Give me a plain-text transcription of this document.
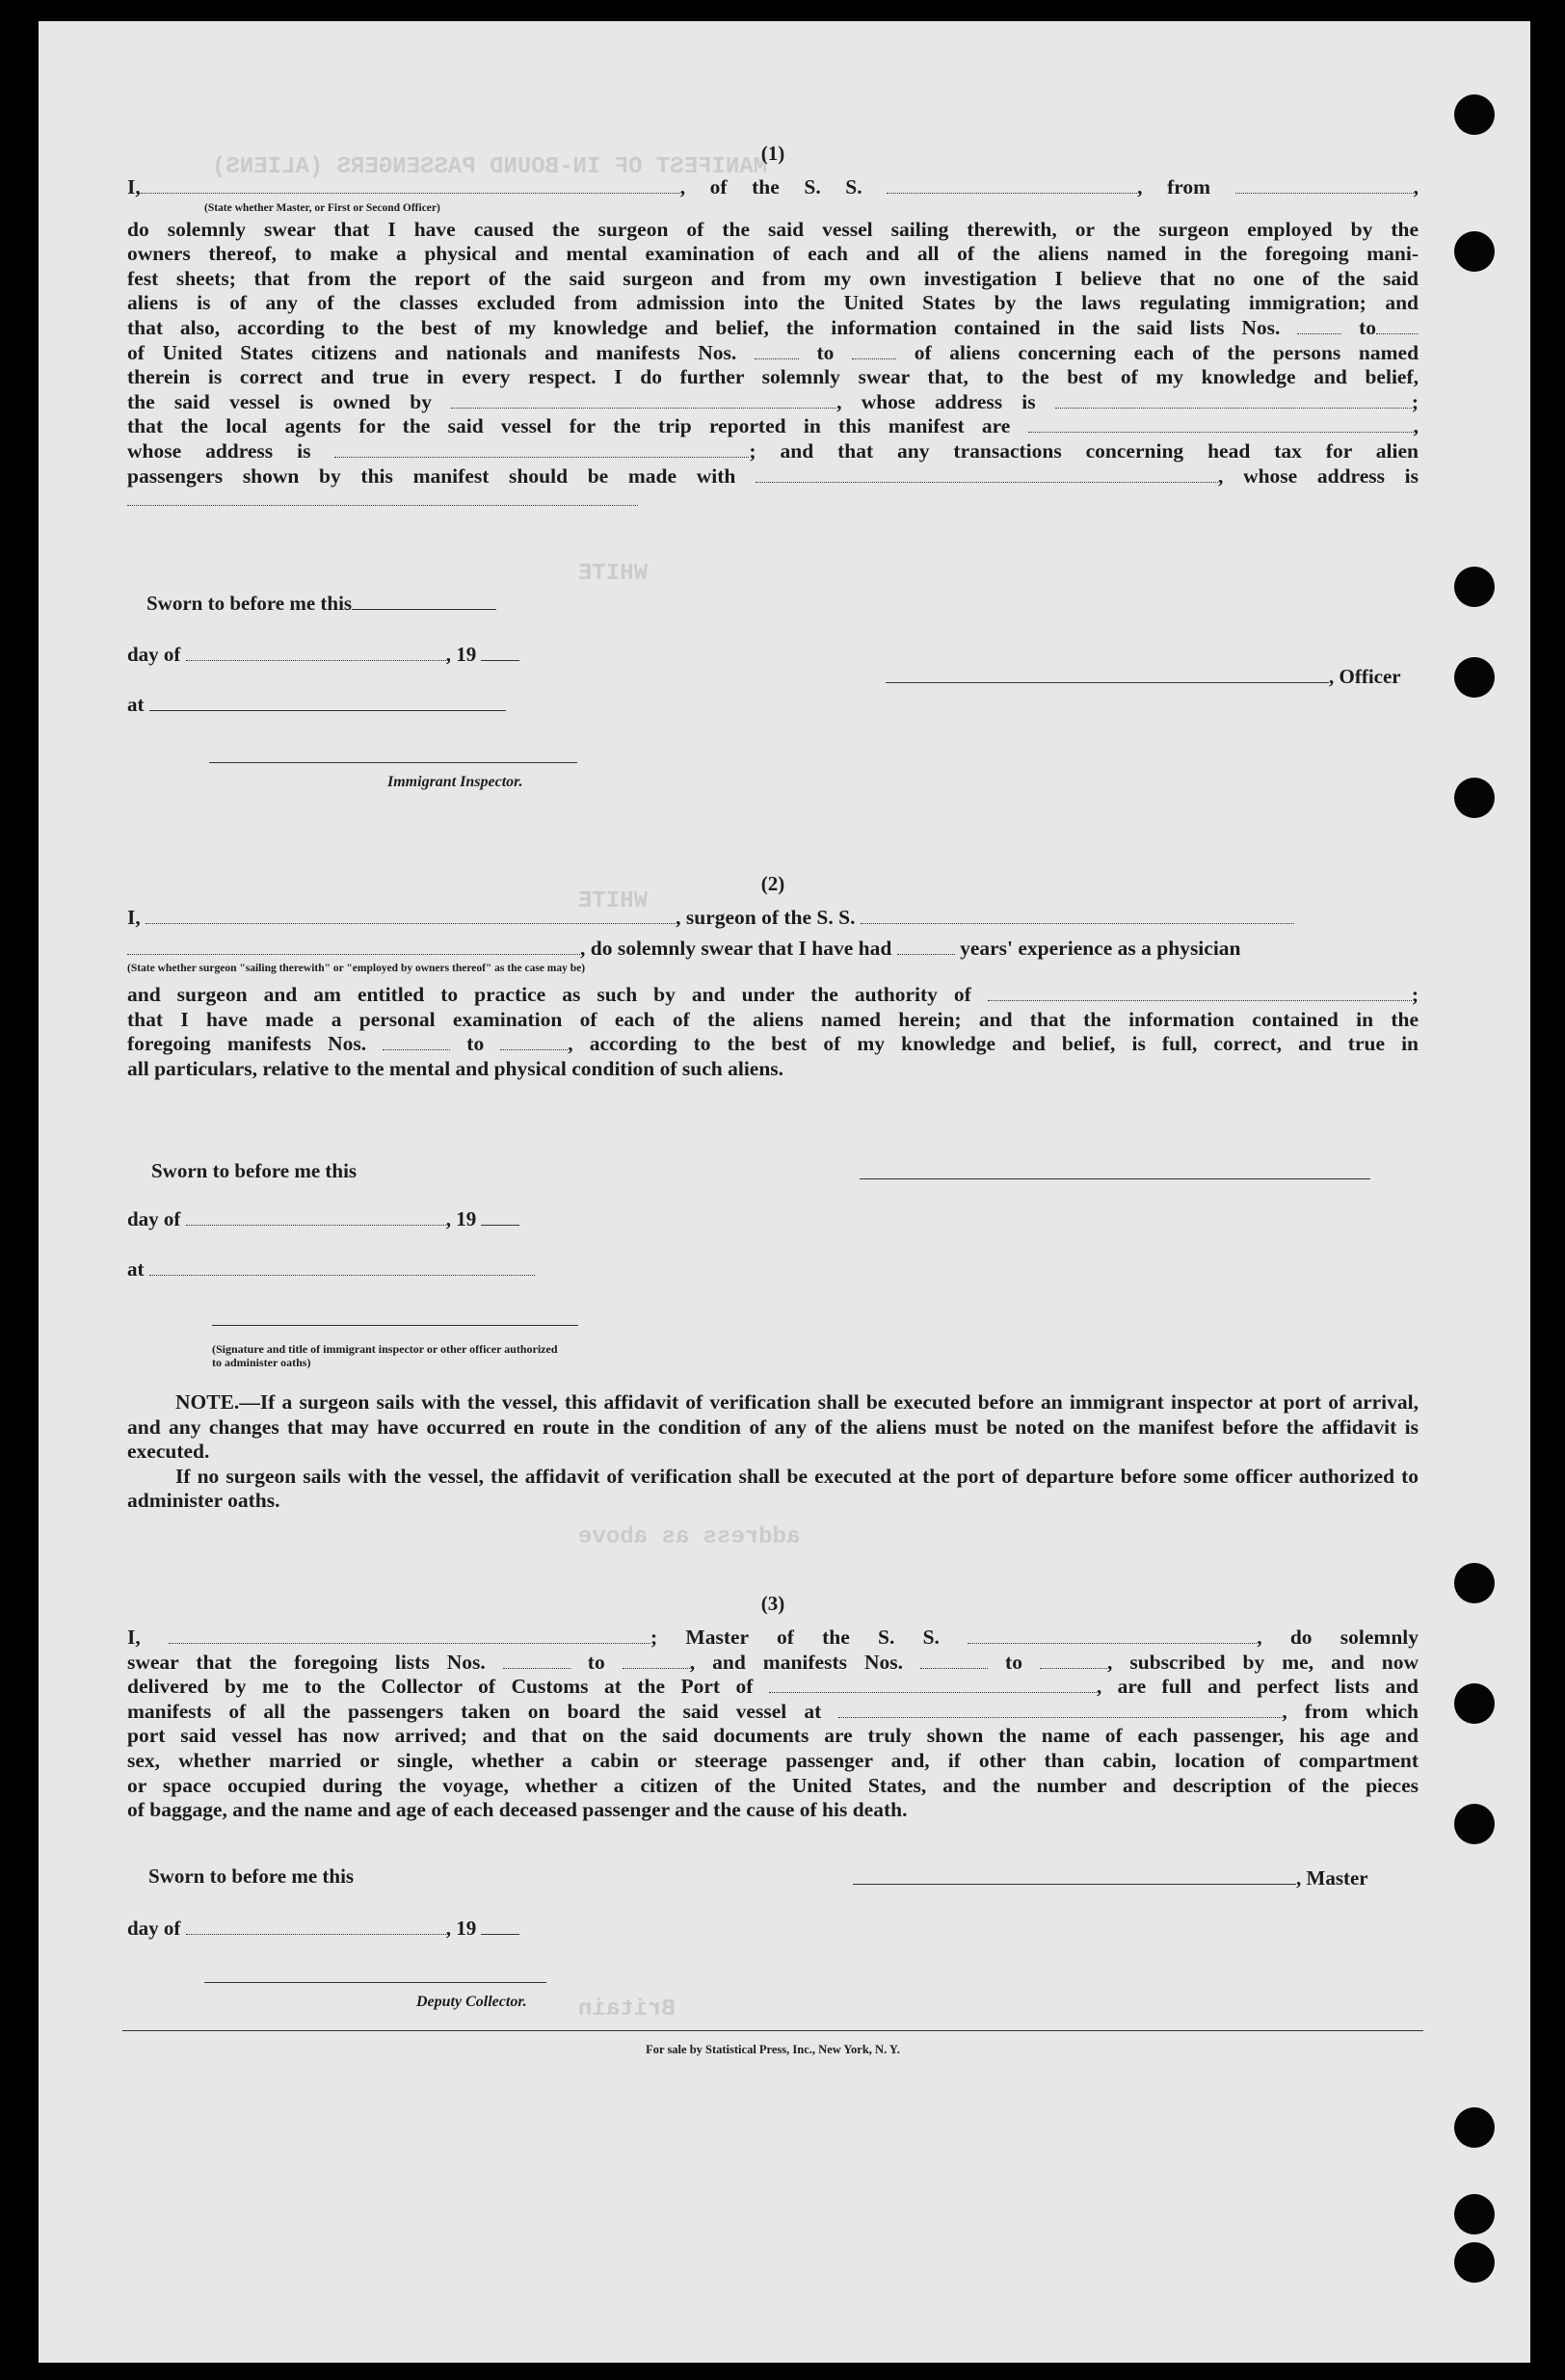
MANIFEST OF IN-BOUND PASSENGERS (ALIENS)
WHITE
WHITE
address as above
Britain
(1)

I,	, of the S. S.	, from	,

(State whether Master, or First or Second Officer)

do solemnly swear that I have caused the surgeon of the said vessel sailing therewith, or the surgeon employed by the

owners thereof, to make a physical and mental examination of each and all of the aliens named in the foregoing mani-

fest sheets; that from the report of the said surgeon and from my own investigation I believe that no one of the said

aliens is of any of the classes excluded from admission into the United States by the laws regulating immigration; and

that also, according to the best of my knowledge and belief, the information contained in the said lists Nos.	to

of United States citizens and nationals and manifests Nos.	to	of aliens concerning each of the persons named

therein is correct and true in every respect. I do further solemnly swear that, to the best of my knowledge and belief,

the said vessel is owned by	, whose address is	;

that the local agents for the said vessel for the trip reported in this manifest are	,

whose address is	; and that any transactions concerning head tax for alien

passengers shown by this manifest should be made with	, whose address is

Sworn to before me this
day of	, 19
at
, Officer
Immigrant Inspector.
(2)

I,	, surgeon of the S. S.

, do solemnly swear that I have had	years' experience as a physician

(State whether surgeon "sailing therewith" or "employed by owners thereof" as the case may be)

and surgeon and am entitled to practice as such by and under the authority of	;

that I have made a personal examination of each of the aliens named herein; and that the information contained in the

foregoing manifests Nos.	to	, according to the best of my knowledge and belief, is full, correct, and true in

all particulars, relative to the mental and physical condition of such aliens.

Sworn to before me this
day of	, 19
at
(Signature and title of immigrant inspector or other officer authorized to administer oaths)

NOTE.—If a surgeon sails with the vessel, this affidavit of verification shall be executed before an immigrant inspector at port of arrival, and any changes that may have occurred en route in the condition of any of the aliens must be noted on the manifest before the affidavit is executed.

If no surgeon sails with the vessel, the affidavit of verification shall be executed at the port of departure before some officer authorized to administer oaths.

(3)

I,	; Master of the S. S.	, do solemnly

swear that the foregoing lists Nos.	to	, and manifests Nos.	to	, subscribed by me, and now

delivered by me to the Collector of Customs at the Port of	, are full and perfect lists and

manifests of all the passengers taken on board the said vessel at	, from which

port said vessel has now arrived; and that on the said documents are truly shown the name of each passenger, his age and

sex, whether married or single, whether a cabin or steerage passenger and, if other than cabin, location of compartment

or space occupied during the voyage, whether a citizen of the United States, and the number and description of the pieces

of baggage, and the name and age of each deceased passenger and the cause of his death.

Sworn to before me this	, Master
day of	, 19
Deputy Collector.
For sale by Statistical Press, Inc., New York, N. Y.
